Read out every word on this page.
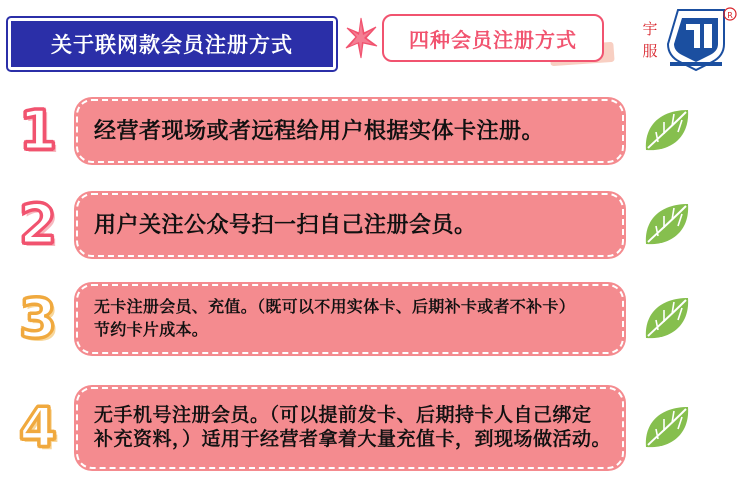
关于联网款会员注册方式	四种会员注册方式
宇
服
R
1	经营者现场或者远程给用户根据实体卡注册。
2	用户关注公众号扫一扫自己注册会员。
3	无卡注册会员、充值。（既可以不用实体卡、后期补卡或者不补卡）
节约卡片成本。
4	无手机号注册会员。（可以提前发卡、后期持卡人自己绑定
补充资料，）适用于经营者拿着大量充值卡，到现场做活动。
